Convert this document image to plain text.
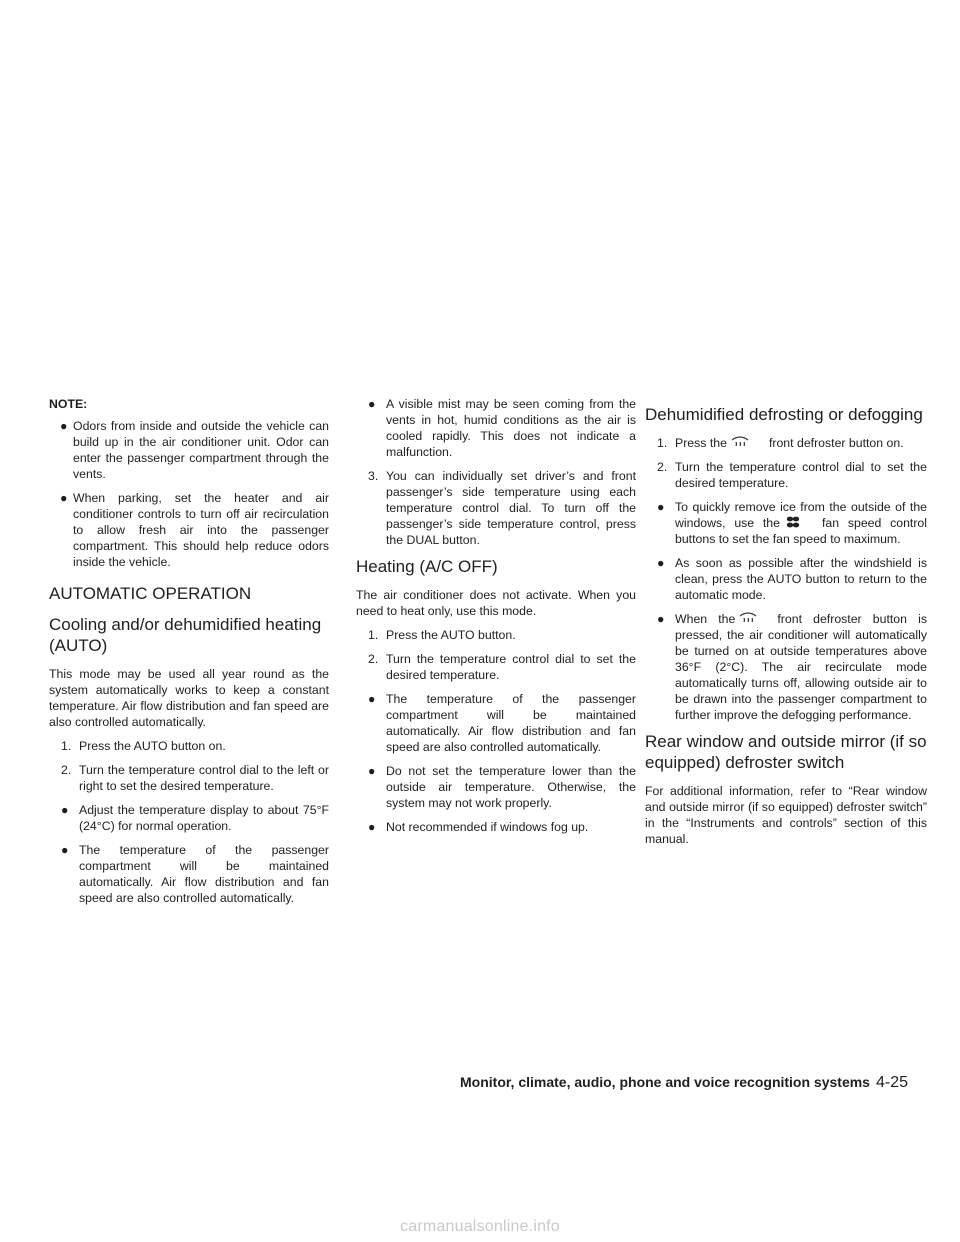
NOTE:
● Odors from inside and outside the vehicle can build up in the air conditioner unit. Odor can enter the passenger compartment through the vents.
● When parking, set the heater and air conditioner controls to turn off air recirculation to allow fresh air into the passenger compartment. This should help reduce odors inside the vehicle.
AUTOMATIC OPERATION
Cooling and/or dehumidified heating (AUTO)

This mode may be used all year round as the system automatically works to keep a constant temperature. Air flow distribution and fan speed are also controlled automatically.

1. Press the AUTO button on.
2. Turn the temperature control dial to the left or right to set the desired temperature.
● Adjust the temperature display to about 75°F (24°C) for normal operation.
● The temperature of the passenger compartment will be maintained automatically. Air flow distribution and fan speed are also controlled automatically.
● A visible mist may be seen coming from the vents in hot, humid conditions as the air is cooled rapidly. This does not indicate a malfunction.
3. You can individually set driver’s and front passenger’s side temperature using each temperature control dial. To turn off the passenger’s side temperature control, press the DUAL button.
Heating (A/C OFF)

The air conditioner does not activate. When you need to heat only, use this mode.

1. Press the AUTO button.
2. Turn the temperature control dial to set the desired temperature.
● The temperature of the passenger compartment will be maintained automatically. Air flow distribution and fan speed are also controlled automatically.
● Do not set the temperature lower than the outside air temperature. Otherwise, the system may not work properly.
● Not recommended if windows fog up.
Dehumidified defrosting or defogging
1. Press the	front defroster button on.
2. Turn the temperature control dial to set the desired temperature.
● To quickly remove ice from the outside of the windows, use the	fan speed control buttons to set the fan speed to maximum.
● As soon as possible after the windshield is clean, press the AUTO button to return to the automatic mode.
● When the	front defroster button is pressed, the air conditioner will automatically be turned on at outside temperatures above 36°F (2°C). The air recirculate mode automatically turns off, allowing outside air to be drawn into the passenger compartment to further improve the defogging performance.
Rear window and outside mirror (if so equipped) defroster switch

For additional information, refer to “Rear window and outside mirror (if so equipped) defroster switch” in the “Instruments and controls” section of this manual.

Monitor, climate, audio, phone and voice recognition systems 4-25
carmanualsonline.info
